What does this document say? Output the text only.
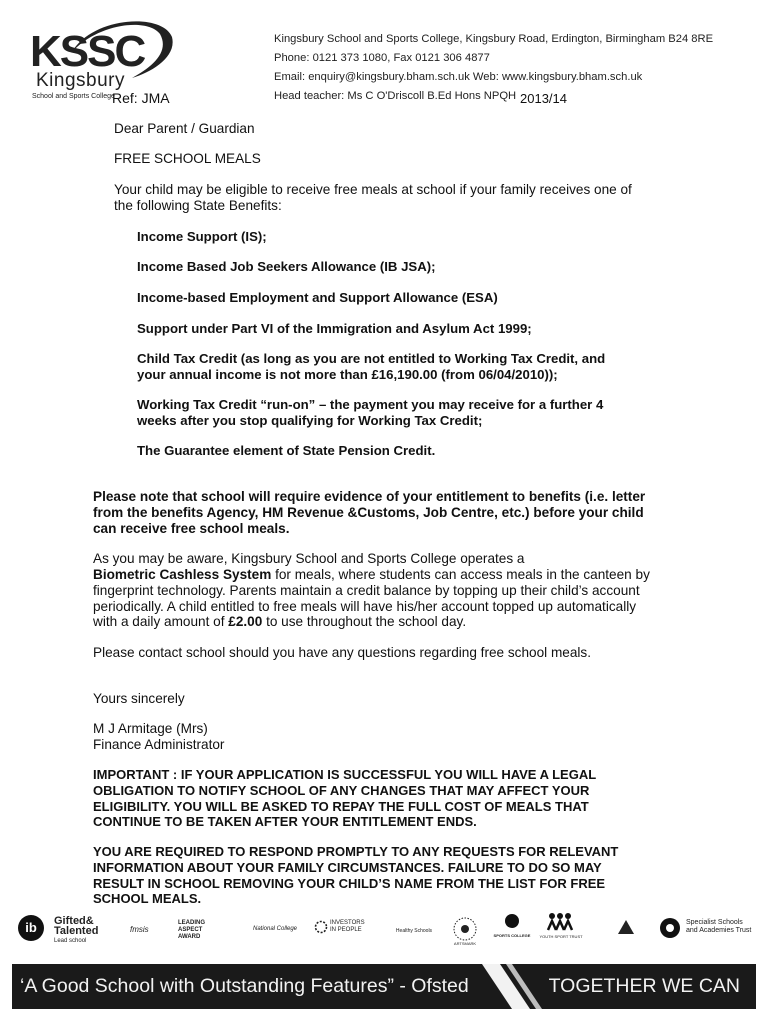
KSSC
Kingsbury
School and Sports College
Ref: JMA	2013/14
Kingsbury School and Sports College, Kingsbury Road, Erdington, Birmingham B24 8RE
Phone: 0121 373 1080, Fax 0121 306 4877
Email: enquiry@kingsbury.bham.sch.uk Web: www.kingsbury.bham.sch.uk
Head teacher: Ms C O'Driscoll B.Ed Hons NPQH
Dear Parent / Guardian
FREE SCHOOL MEALS
Your child may be eligible to receive free meals at school if your family receives one of
the following State Benefits:
Income Support (IS);
Income Based Job Seekers Allowance (IB JSA);
Income-based Employment and Support Allowance (ESA)
Support under Part VI of the Immigration and Asylum Act 1999;
Child Tax Credit (as long as you are not entitled to Working Tax Credit, and
your annual income is not more than £16,190.00 (from 06/04/2010));
Working Tax Credit “run-on” – the payment you may receive for a further 4
weeks after you stop qualifying for Working Tax Credit;
The Guarantee element of State Pension Credit.
Please note that school will require evidence of your entitlement to benefits (i.e. letter
from the benefits Agency, HM Revenue &Customs, Job Centre, etc.) before your child
can receive free school meals.
As you may be aware, Kingsbury School and Sports College operates a
Biometric Cashless System for meals, where students can access meals in the canteen by
fingerprint technology. Parents maintain a credit balance by topping up their child’s account
periodically. A child entitled to free meals will have his/her account topped up automatically
with a daily amount of £2.00 to use throughout the school day.
Please contact school should you have any questions regarding free school meals.
Yours sincerely
M J Armitage (Mrs)
Finance Administrator
IMPORTANT : IF YOUR APPLICATION IS SUCCESSFUL YOU WILL HAVE A LEGAL
OBLIGATION TO NOTIFY SCHOOL OF ANY CHANGES THAT MAY AFFECT YOUR
ELIGIBILITY. YOU WILL BE ASKED TO REPAY THE FULL COST OF MEALS THAT
CONTINUE TO BE TAKEN AFTER YOUR ENTITLEMENT ENDS.
YOU ARE REQUIRED TO RESPOND PROMPTLY TO ANY REQUESTS FOR RELEVANT
INFORMATION ABOUT YOUR FAMILY CIRCUMSTANCES. FAILURE TO DO SO MAY
RESULT IN SCHOOL REMOVING YOUR CHILD’S NAME FROM THE LIST FOR FREE
SCHOOL MEALS.
ib	Gifted&
Talented
Lead school
fmsis
LEADING ASPECT AWARD
National College
INVESTORS IN PEOPLE	Healthy Schools
ARTSMARK
SPORTS COLLEGE	YOUTH SPORT TRUST
Specialist Schools
and Academies Trust
‘A Good School with Outstanding Features” - Ofsted	TOGETHER WE CAN
